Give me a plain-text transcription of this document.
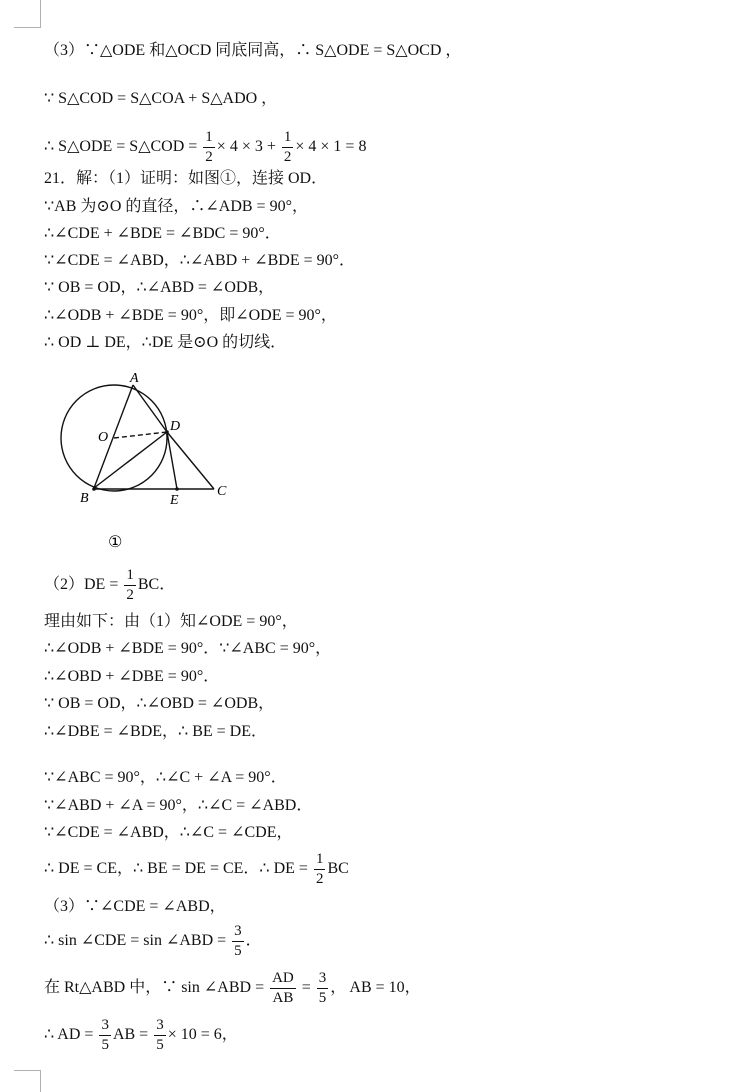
（3）∵△ODE 和△OCD 同底同高，∴ S△ODE = S△OCD ，
∵ S△COD = S△COA + S△ADO ，
∴ S△ODE = S△COD = $\frac{1}{2} \times 4 \times 3 + \frac{1}{2} \times 4 \times 1 = 8$
21．解：（1）证明：如图①，连接 OD．
∵AB 为⊙O 的直径，∴∠ADB = 90°，
∴∠CDE + ∠BDE = ∠BDC = 90°．
∵∠CDE = ∠ABD，∴∠ABD + ∠BDE = 90°．
∵ OB = OD，∴∠ABD = ∠ODB，
∴∠ODB + ∠BDE = 90°，即∠ODE = 90°，
∴ OD ⊥ DE，∴DE 是⊙O 的切线．
A
O
D
B	E
C
①
$(2)DE = \frac{1}{2}$ BC．
理由如下：由（1）知∠ODE = 90°，
∴∠ODB + ∠BDE = 90°．∵∠ABC = 90°，
∴∠OBD + ∠DBE = 90°．
∵ OB = OD，∴∠OBD = ∠ODB，
∴∠DBE = ∠BDE，∴ BE = DE．
∵∠ABC = 90°，∴∠C + ∠A = 90°．
∵∠ABD + ∠A = 90°，∴∠C = ∠ABD．
∵∠CDE = ∠ABD，∴∠C = ∠CDE，
∴ DE = CE，∴ BE = DE = CE．∴ DE = $\frac{1}{2}$ BC
（3）∵∠CDE = ∠ABD，
∴ sin ∠CDE = sin ∠ABD = $\frac{3}{5}$ ．
在 Rt△ABD 中，∵ sin ∠ABD = $\frac{AD}{AB} = \frac{3}{5}$ ， AB = 10，
∴ AD = $\frac{3}{5}$ AB = $\frac{3}{5} \times 10 = 6$，
